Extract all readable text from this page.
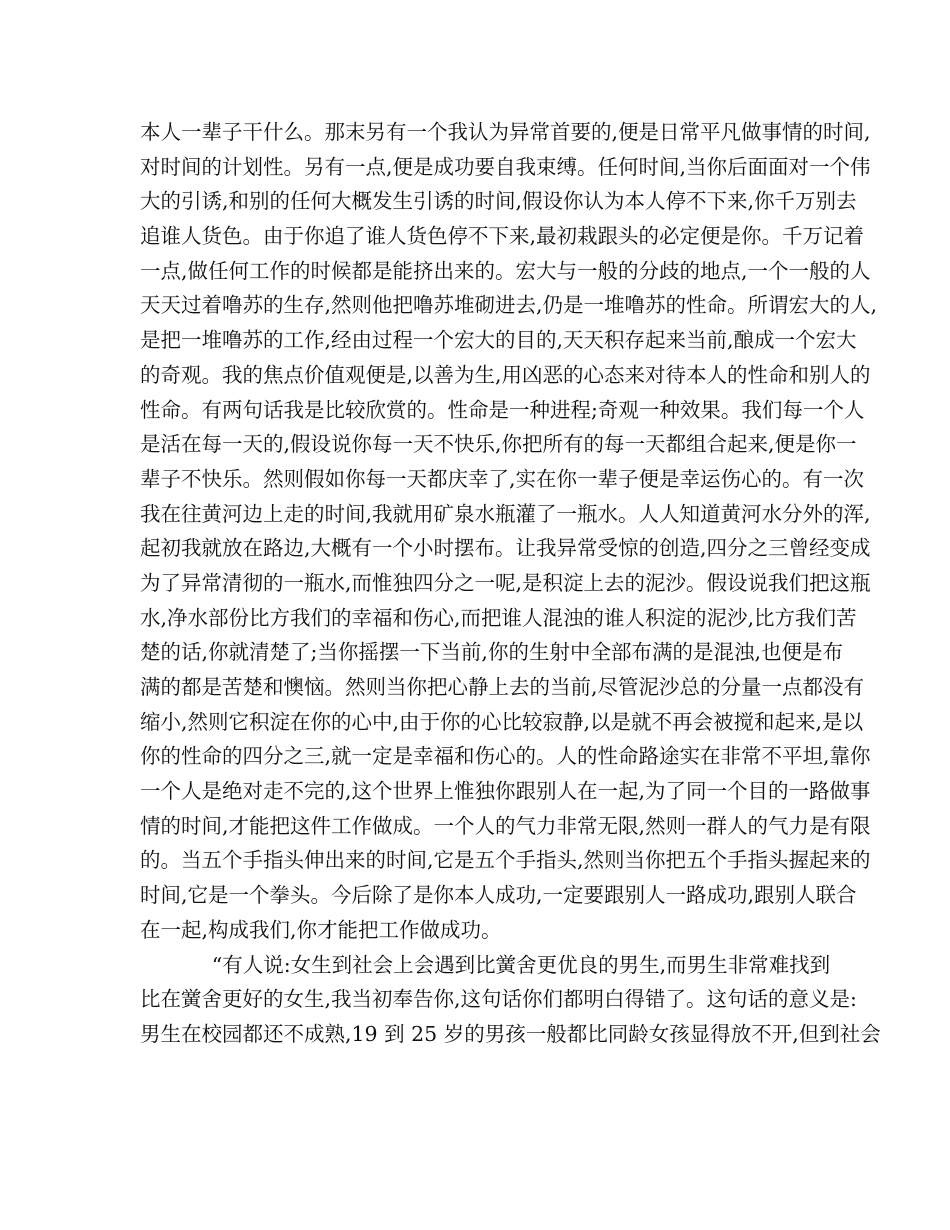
本人一辈子干什么。那末另有一个我认为异常首要的,便是日常平凡做事情的时间,
对时间的计划性。另有一点,便是成功要自我束缚。任何时间,当你后面面对一个伟
大的引诱,和别的任何大概发生引诱的时间,假设你认为本人停不下来,你千万别去
追谁人货色。由于你追了谁人货色停不下来,最初栽跟头的必定便是你。千万记着
一点,做任何工作的时候都是能挤出来的。宏大与一般的分歧的地点,一个一般的人
天天过着噜苏的生存,然则他把噜苏堆砌进去,仍是一堆噜苏的性命。所谓宏大的人,
是把一堆噜苏的工作,经由过程一个宏大的目的,天天积存起来当前,酿成一个宏大
的奇观。我的焦点价值观便是,以善为生,用凶恶的心态来对待本人的性命和别人的
性命。有两句话我是比较欣赏的。性命是一种进程;奇观一种效果。我们每一个人
是活在每一天的,假设说你每一天不快乐,你把所有的每一天都组合起来,便是你一
辈子不快乐。然则假如你每一天都庆幸了,实在你一辈子便是幸运伤心的。有一次
我在往黄河边上走的时间,我就用矿泉水瓶灌了一瓶水。人人知道黄河水分外的浑,
起初我就放在路边,大概有一个小时摆布。让我异常受惊的创造,四分之三曾经变成
为了异常清彻的一瓶水,而惟独四分之一呢,是积淀上去的泥沙。假设说我们把这瓶
水,净水部份比方我们的幸福和伤心,而把谁人混浊的谁人积淀的泥沙,比方我们苦
楚的话,你就清楚了;当你摇摆一下当前,你的生射中全部布满的是混浊,也便是布
满的都是苦楚和懊恼。然则当你把心静上去的当前,尽管泥沙总的分量一点都没有
缩小,然则它积淀在你的心中,由于你的心比较寂静,以是就不再会被搅和起来,是以
你的性命的四分之三,就一定是幸福和伤心的。人的性命路途实在非常不平坦,靠你
一个人是绝对走不完的,这个世界上惟独你跟别人在一起,为了同一个目的一路做事
情的时间,才能把这件工作做成。一个人的气力非常无限,然则一群人的气力是有限
的。当五个手指头伸出来的时间,它是五个手指头,然则当你把五个手指头握起来的
时间,它是一个拳头。今后除了是你本人成功,一定要跟别人一路成功,跟别人联合
在一起,构成我们,你才能把工作做成功。
“有人说:女生到社会上会遇到比黉舍更优良的男生,而男生非常难找到
比在黉舍更好的女生,我当初奉告你,这句话你们都明白得错了。这句话的意义是:
男生在校园都还不成熟,19 到 25 岁的男孩一般都比同龄女孩显得放不开,但到社会
